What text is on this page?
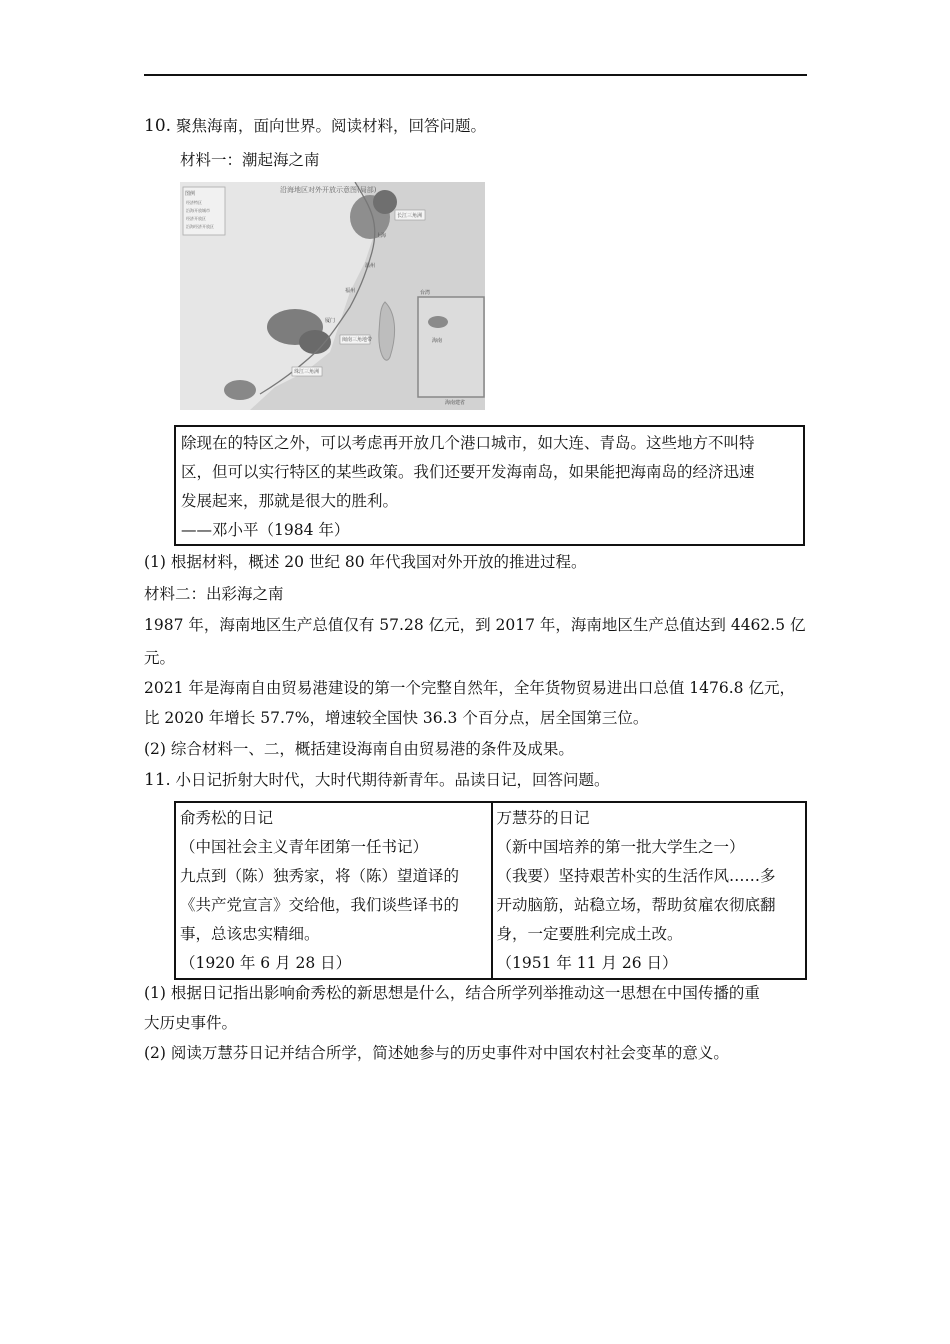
10. 聚焦海南，面向世界。阅读材料，回答问题。
材料一：潮起海之南
图例
经济特区
沿海开放城市
经济开放区
沿海经济开放区
沿海地区对外开放示意图(局部)
长江三角洲
上海
温州
福州
厦门
闽南三角地带
珠江三角洲
台湾
海南建省
海南
除现在的特区之外，可以考虑再开放几个港口城市，如大连、青岛。这些地方不叫特
区，但可以实行特区的某些政策。我们还要开发海南岛，如果能把海南岛的经济迅速
发展起来，那就是很大的胜利。
——邓小平（1984 年）
(1) 根据材料，概述 20 世纪 80 年代我国对外开放的推进过程。
材料二：出彩海之南
1987 年，海南地区生产总值仅有 57.28 亿元，到 2017 年，海南地区生产总值达到 4462.5 亿
元。
2021 年是海南自由贸易港建设的第一个完整自然年，全年货物贸易进出口总值 1476.8 亿元，
比 2020 年增长 57.7%，增速较全国快 36.3 个百分点，居全国第三位。
(2) 综合材料一、二，概括建设海南自由贸易港的条件及成果。
11. 小日记折射大时代，大时代期待新青年。品读日记，回答问题。
俞秀松的日记
（中国社会主义青年团第一任书记）
九点到（陈）独秀家，将（陈）望道译的
《共产党宣言》交给他，我们谈些译书的
事，总该忠实精细。
（1920 年 6 月 28 日）
万慧芬的日记
（新中国培养的第一批大学生之一）
（我要）坚持艰苦朴实的生活作风……多
开动脑筋，站稳立场，帮助贫雇农彻底翻
身，一定要胜利完成土改。
（1951 年 11 月 26 日）
(1) 根据日记指出影响俞秀松的新思想是什么，结合所学列举推动这一思想在中国传播的重
大历史事件。
(2) 阅读万慧芬日记并结合所学，简述她参与的历史事件对中国农村社会变革的意义。
